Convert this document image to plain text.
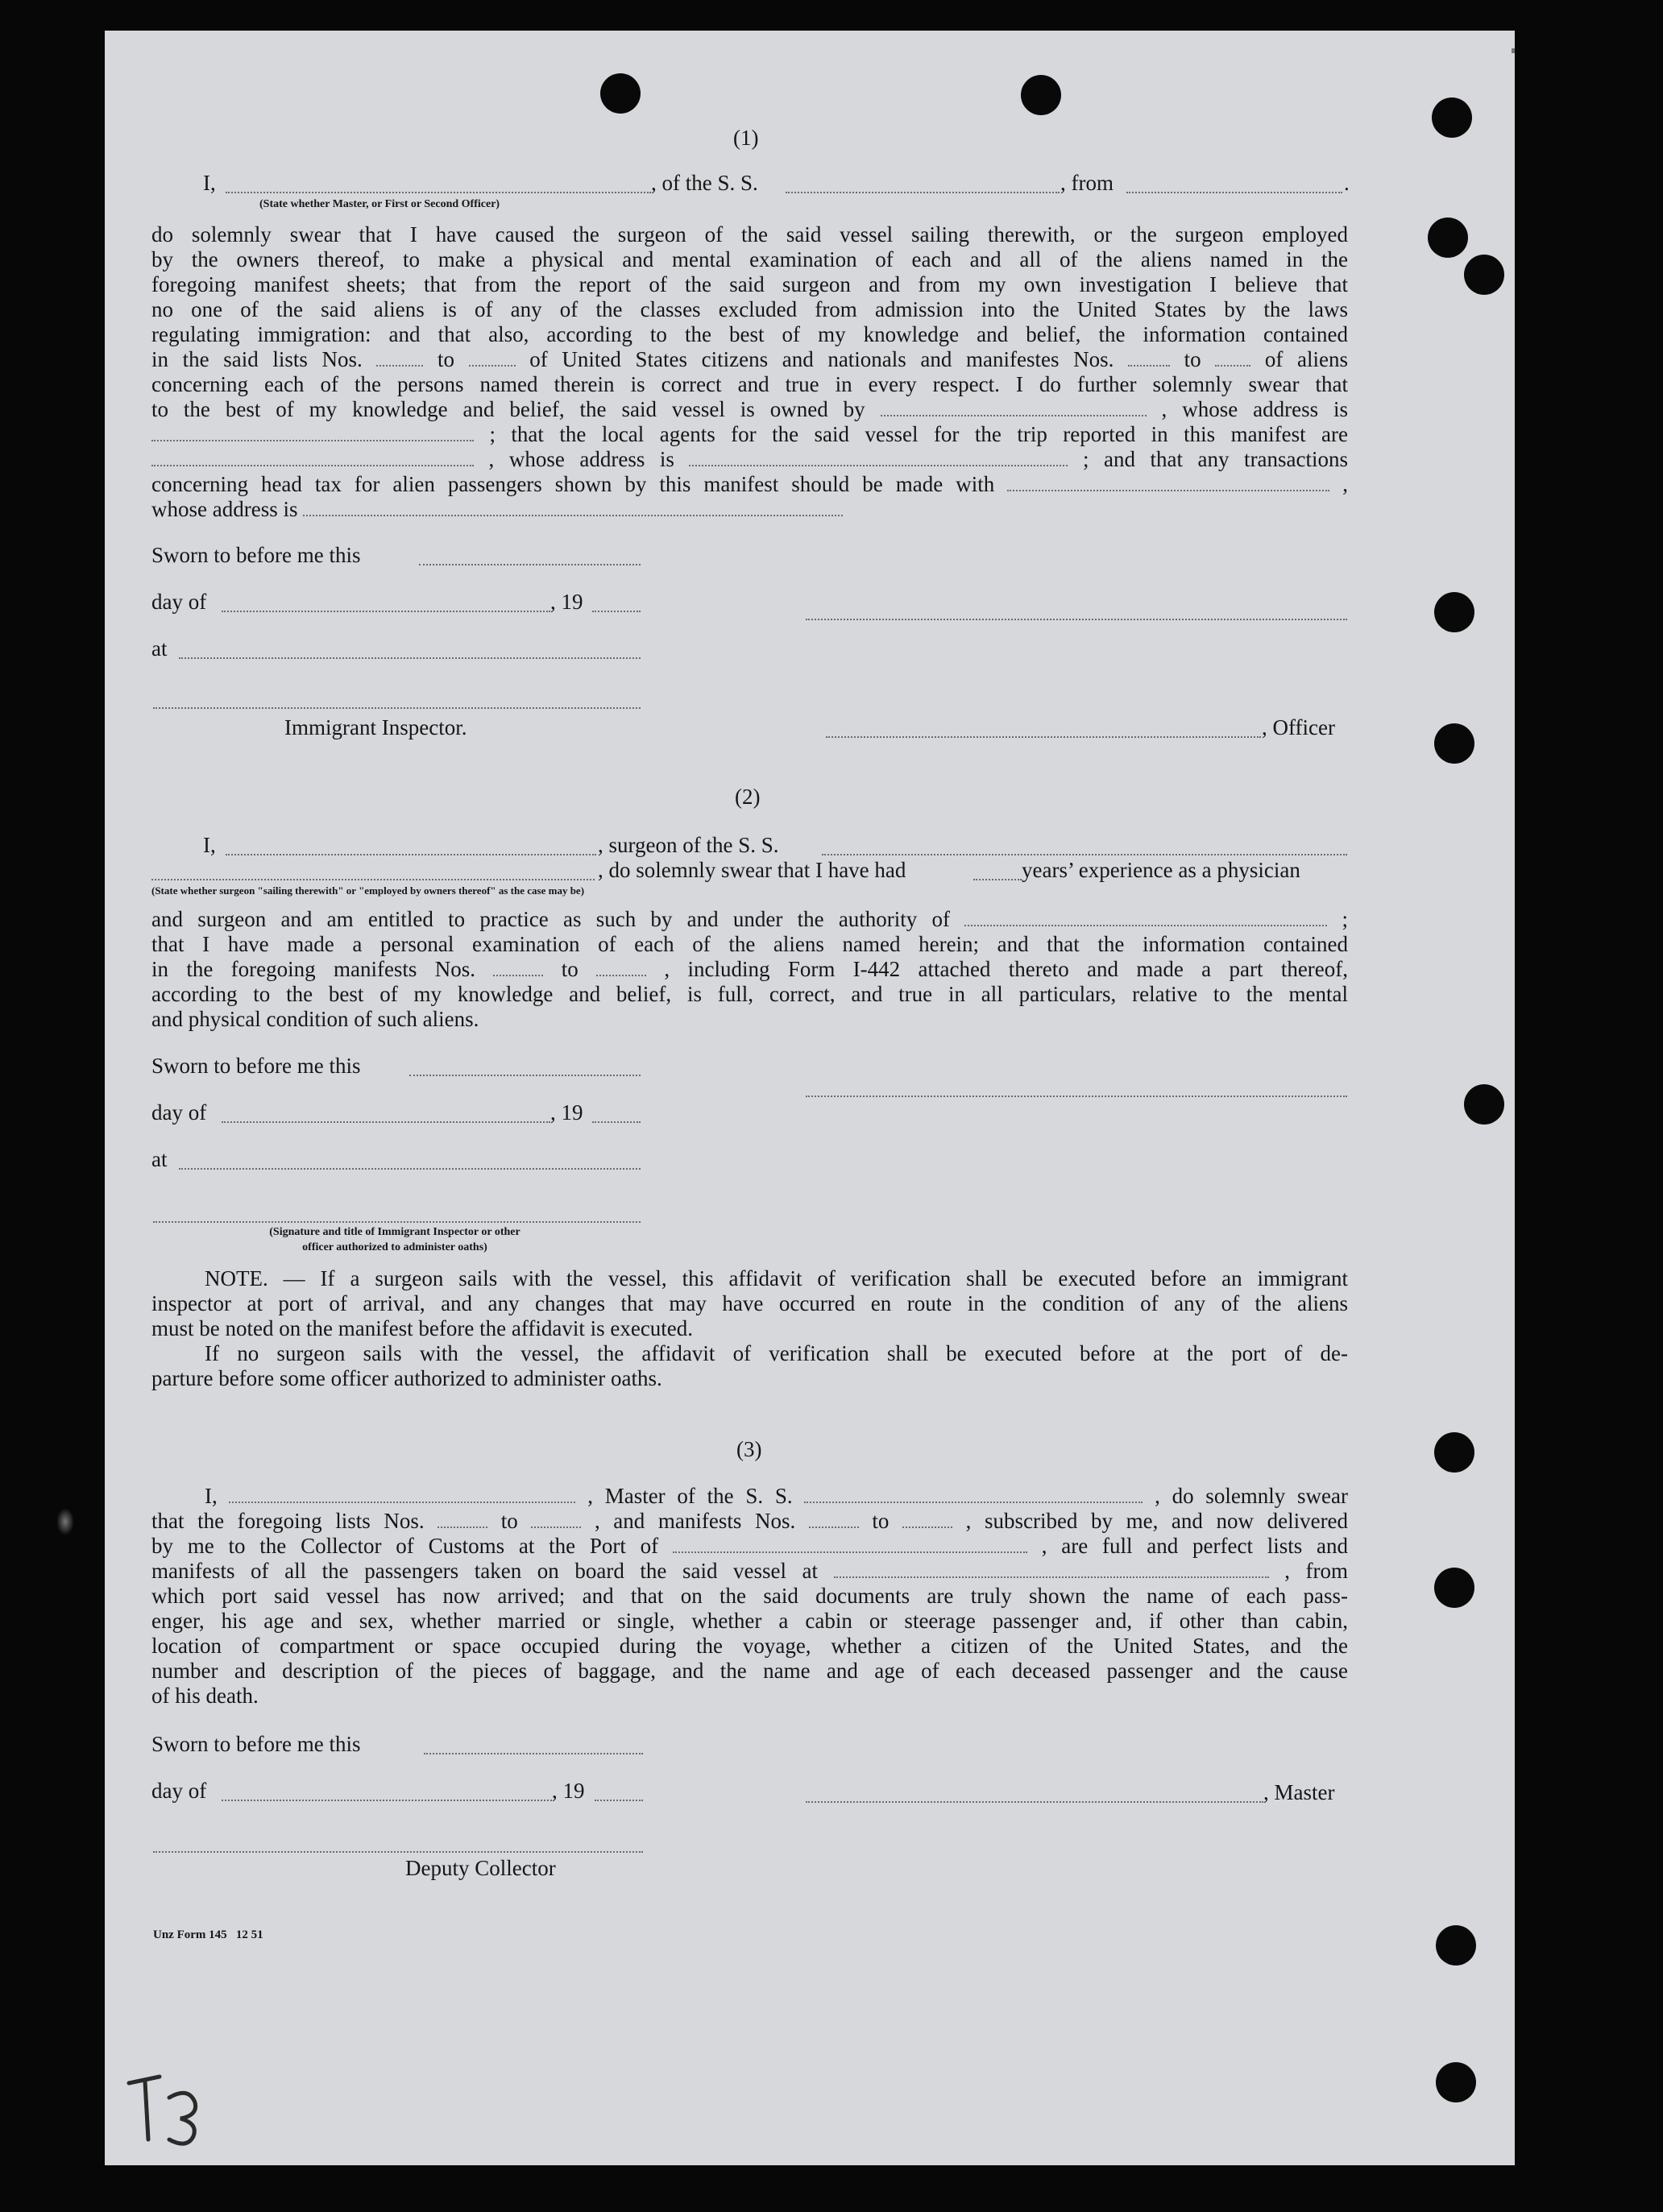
(1)
I,	, of the S. S.	, from	.
(State whether Master, or First or Second Officer)
do solemnly swear that I have caused the surgeon of the said vessel sailing therewith, or the surgeon employed
by the owners thereof, to make a physical and mental examination of each and all of the aliens named in the
foregoing manifest sheets; that from the report of the said surgeon and from my own investigation I believe that
no one of the said aliens is of any of the classes excluded from admission into the United States by the laws
regulating immigration: and that also, according to the best of my knowledge and belief, the information contained
in the said lists Nos.	to	of United States citizens and nationals and manifestes Nos.	to	of aliens
concerning each of the persons named therein is correct and true in every respect. I do further solemnly swear that
to the best of my knowledge and belief, the said vessel is owned by	, whose address is
; that the local agents for the said vessel for the trip reported in this manifest are
, whose address is	; and that any transactions
concerning head tax for alien passengers shown by this manifest should be made with	,
whose address is
Sworn to before me this
day of	, 19
at
Immigrant Inspector.	, Officer
(2)
I,	, surgeon of the S. S.
, do solemnly swear that I have had	years’ experience as a physician
(State whether surgeon "sailing therewith" or "employed by owners thereof" as the case may be)
and surgeon and am entitled to practice as such by and under the authority of	;
that I have made a personal examination of each of the aliens named herein; and that the information contained
in the foregoing manifests Nos.	to	, including Form I-442 attached thereto and made a part thereof,
according to the best of my knowledge and belief, is full, correct, and true in all particulars, relative to the mental
and physical condition of such aliens.
Sworn to before me this
day of	, 19
at
(Signature and title of Immigrant Inspector or other
officer authorized to administer oaths)
NOTE. — If a surgeon sails with the vessel, this affidavit of verification shall be executed before an immigrant
inspector at port of arrival, and any changes that may have occurred en route in the condition of any of the aliens
must be noted on the manifest before the affidavit is executed.
If no surgeon sails with the vessel, the affidavit of verification shall be executed before at the port of de-
parture before some officer authorized to administer oaths.
(3)
I,	, Master of the S. S.	, do solemnly swear
that the foregoing lists Nos.	to	, and manifests Nos.	to	, subscribed by me, and now delivered
by me to the Collector of Customs at the Port of	, are full and perfect lists and
manifests of all the passengers taken on board the said vessel at	, from
which port said vessel has now arrived; and that on the said documents are truly shown the name of each pass-
enger, his age and sex, whether married or single, whether a cabin or steerage passenger and, if other than cabin,
location of compartment or space occupied during the voyage, whether a citizen of the United States, and the
number and description of the pieces of baggage, and the name and age of each deceased passenger and the cause
of his death.
Sworn to before me this
day of	, 19	, Master
Deputy Collector
Unz Form 145   12 51
